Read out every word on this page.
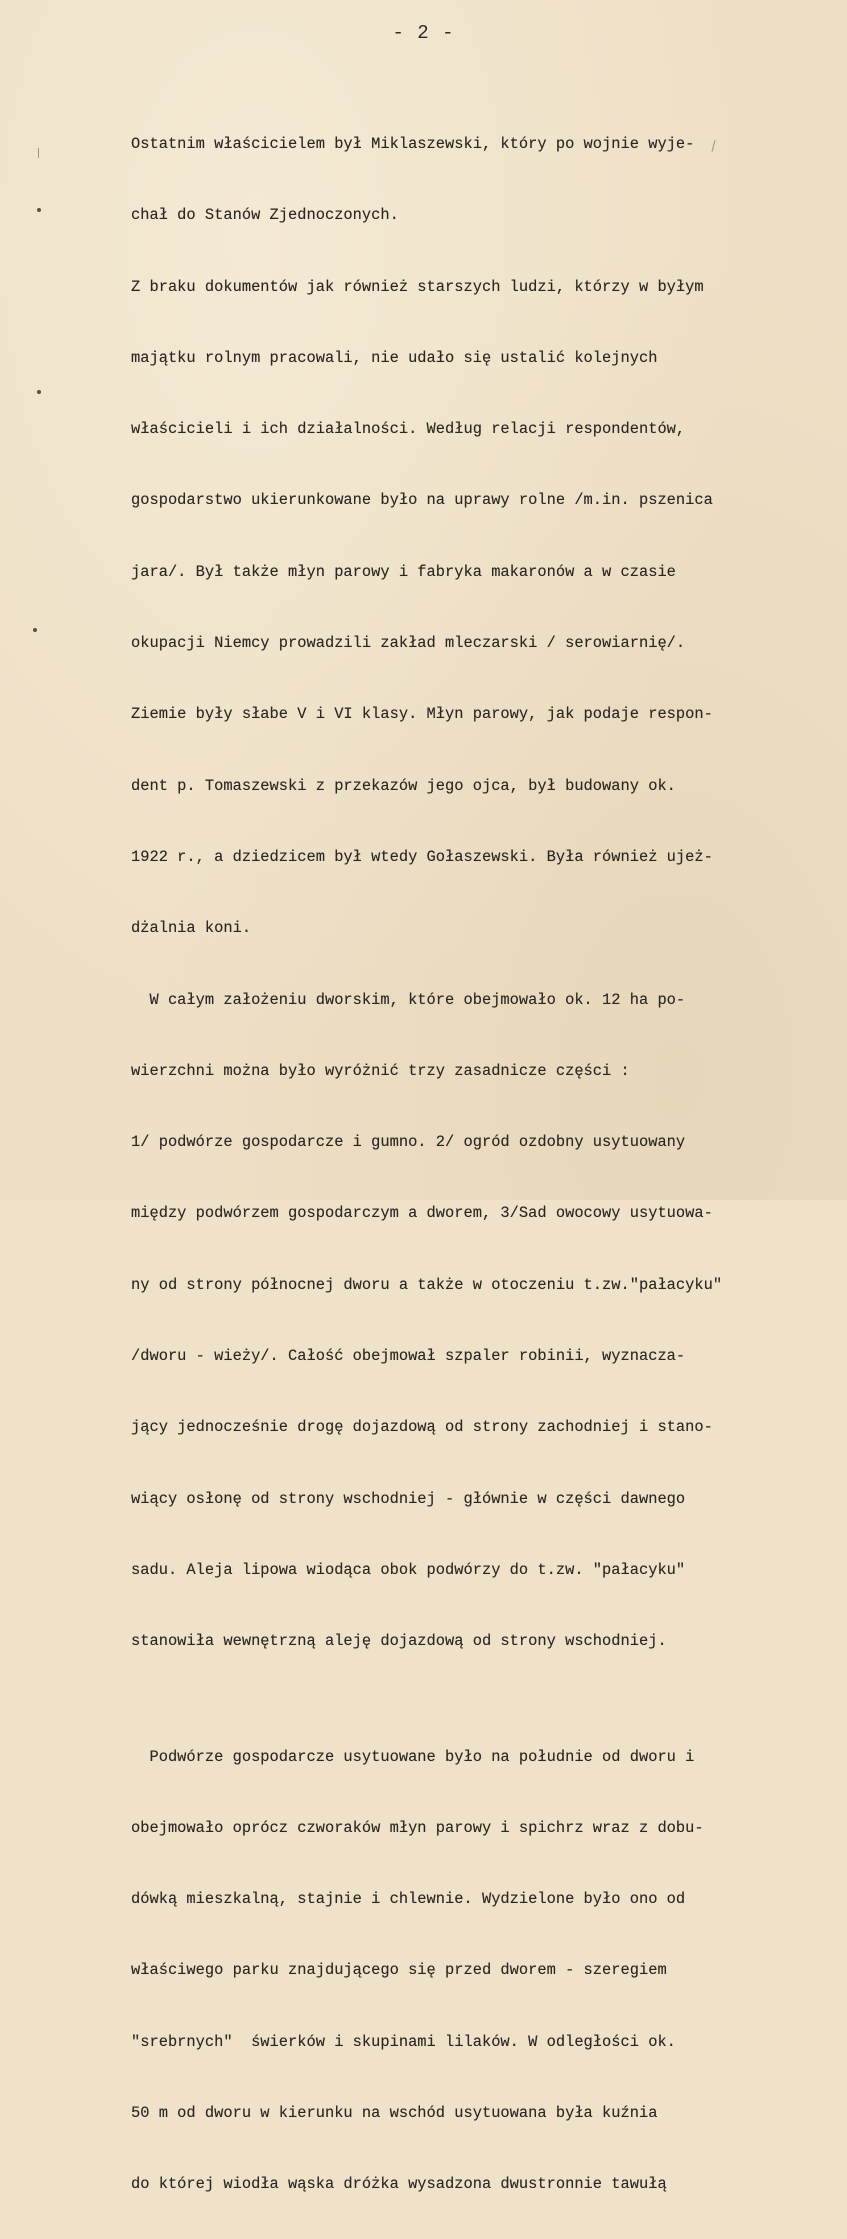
- 2 -

Ostatnim właścicielem był Miklaszewski, który po wojnie wyje-

chał do Stanów Zjednoczonych.

Z braku dokumentów jak również starszych ludzi, którzy w byłym

majątku rolnym pracowali, nie udało się ustalić kolejnych

właścicieli i ich działalności. Według relacji respondentów,

gospodarstwo ukierunkowane było na uprawy rolne /m.in. pszenica

jara/. Był także młyn parowy i fabryka makaronów a w czasie

okupacji Niemcy prowadzili zakład mleczarski / serowiarnię/.

Ziemie były słabe V i VI klasy. Młyn parowy, jak podaje respon-

dent p. Tomaszewski z przekazów jego ojca, był budowany ok.

1922 r., a dziedzicem był wtedy Gołaszewski. Była również ujeż-

dżalnia koni.

W całym założeniu dworskim, które obejmowało ok. 12 ha po-

wierzchni można było wyróżnić trzy zasadnicze części :

1/ podwórze gospodarcze i gumno. 2/ ogród ozdobny usytuowany

między podwórzem gospodarczym a dworem, 3/Sad owocowy usytuowa-

ny od strony północnej dworu a także w otoczeniu t.zw."pałacyku"

/dworu - wieży/. Całość obejmował szpaler robinii, wyznacza-

jący jednocześnie drogę dojazdową od strony zachodniej i stano-

wiący osłonę od strony wschodniej - głównie w części dawnego

sadu. Aleja lipowa wiodąca obok podwórzy do t.zw. "pałacyku"

stanowiła wewnętrzną aleję dojazdową od strony wschodniej.

Podwórze gospodarcze usytuowane było na południe od dworu i

obejmowało oprócz czworaków młyn parowy i spichrz wraz z dobu-

dówką mieszkalną, stajnie i chlewnie. Wydzielone było ono od

właściwego parku znajdującego się przed dworem - szeregiem

"srebrnych"  świerków i skupinami lilaków. W odległości ok.

50 m od dworu w kierunku na wschód usytuowana była kuźnia

do której wiodła wąska dróżka wysadzona dwustronnie tawułą
